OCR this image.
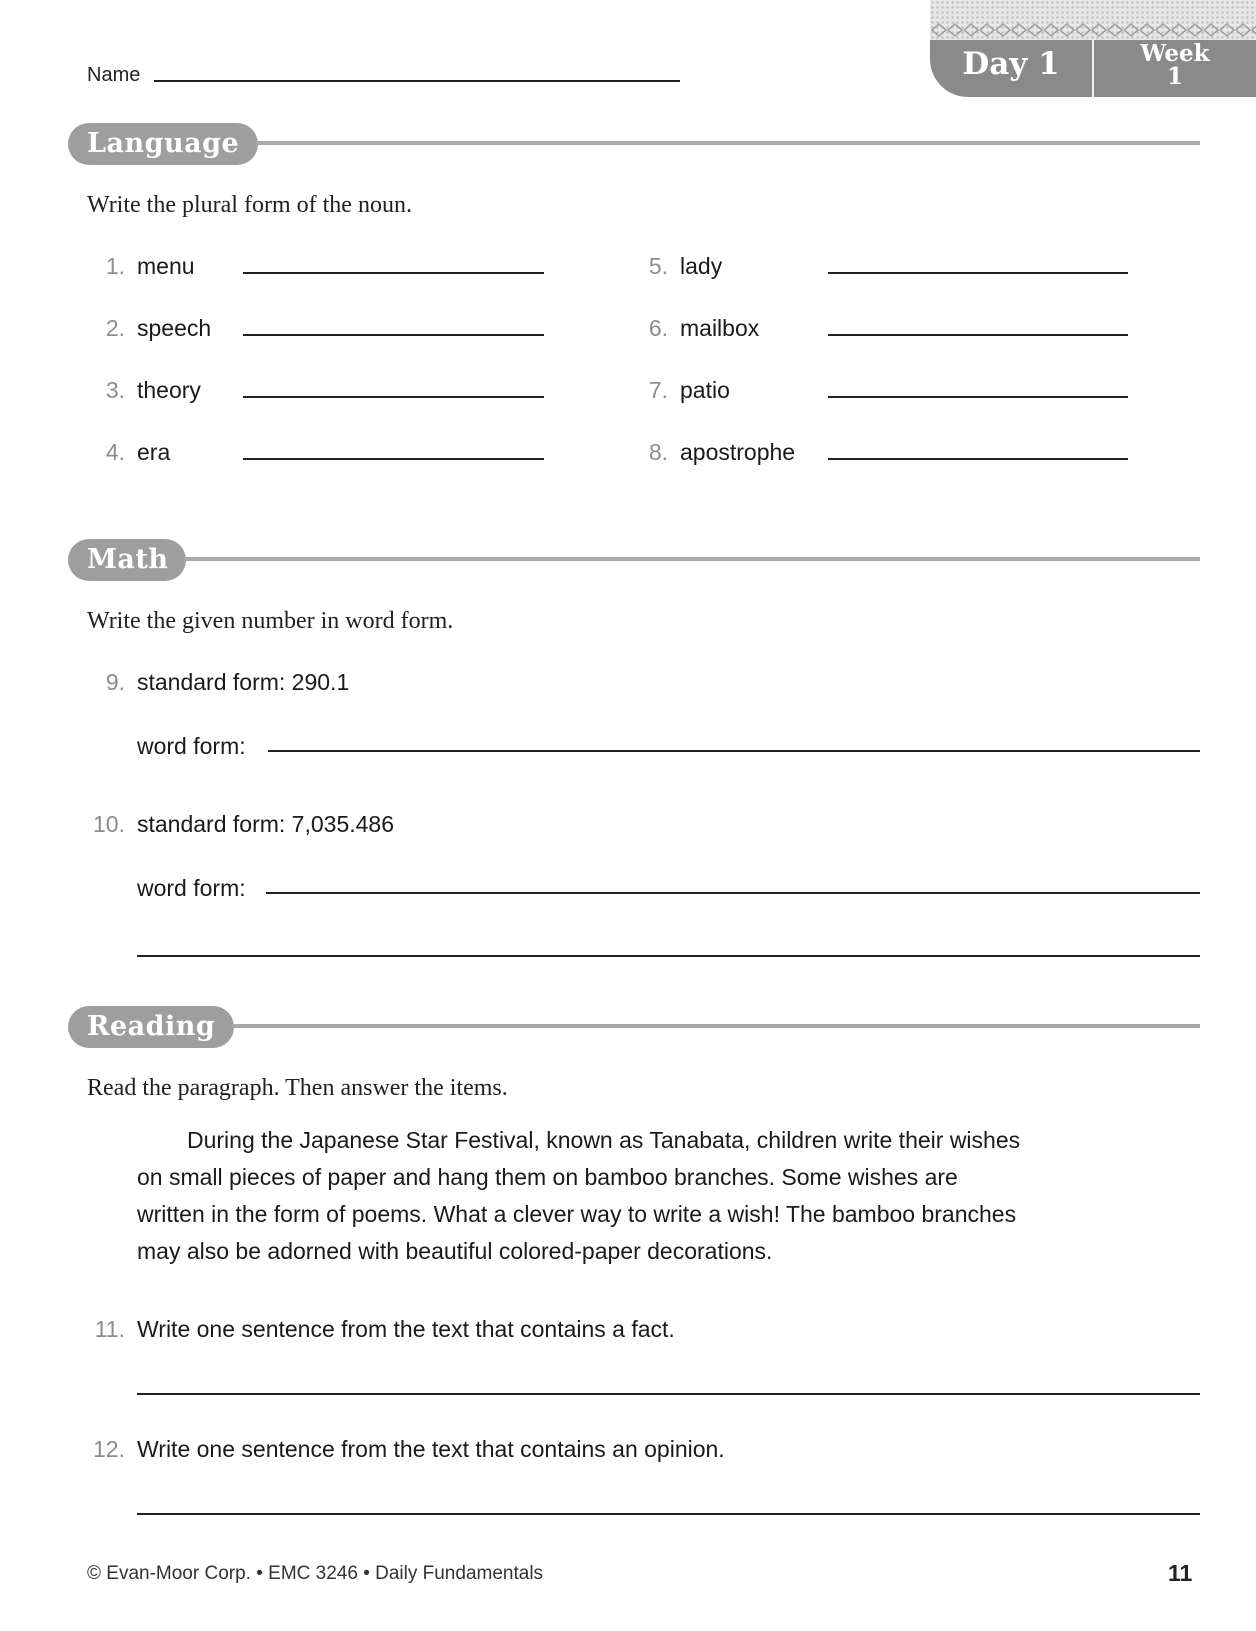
Day 1	Week
1
Name
Language
Write the plural form of the noun.
1. menu
2. speech
3. theory
4. era
5. lady
6. mailbox
7. patio
8. apostrophe
Math
Write the given number in word form.
9. standard form: 290.1
word form:
10. standard form: 7,035.486
word form:
Reading
Read the paragraph. Then answer the items.
During the Japanese Star Festival, known as Tanabata, children write their wishes
on small pieces of paper and hang them on bamboo branches. Some wishes are
written in the form of poems. What a clever way to write a wish! The bamboo branches
may also be adorned with beautiful colored-paper decorations.
11. Write one sentence from the text that contains a fact.
12. Write one sentence from the text that contains an opinion.
© Evan-Moor Corp. • EMC 3246 • Daily Fundamentals	11
